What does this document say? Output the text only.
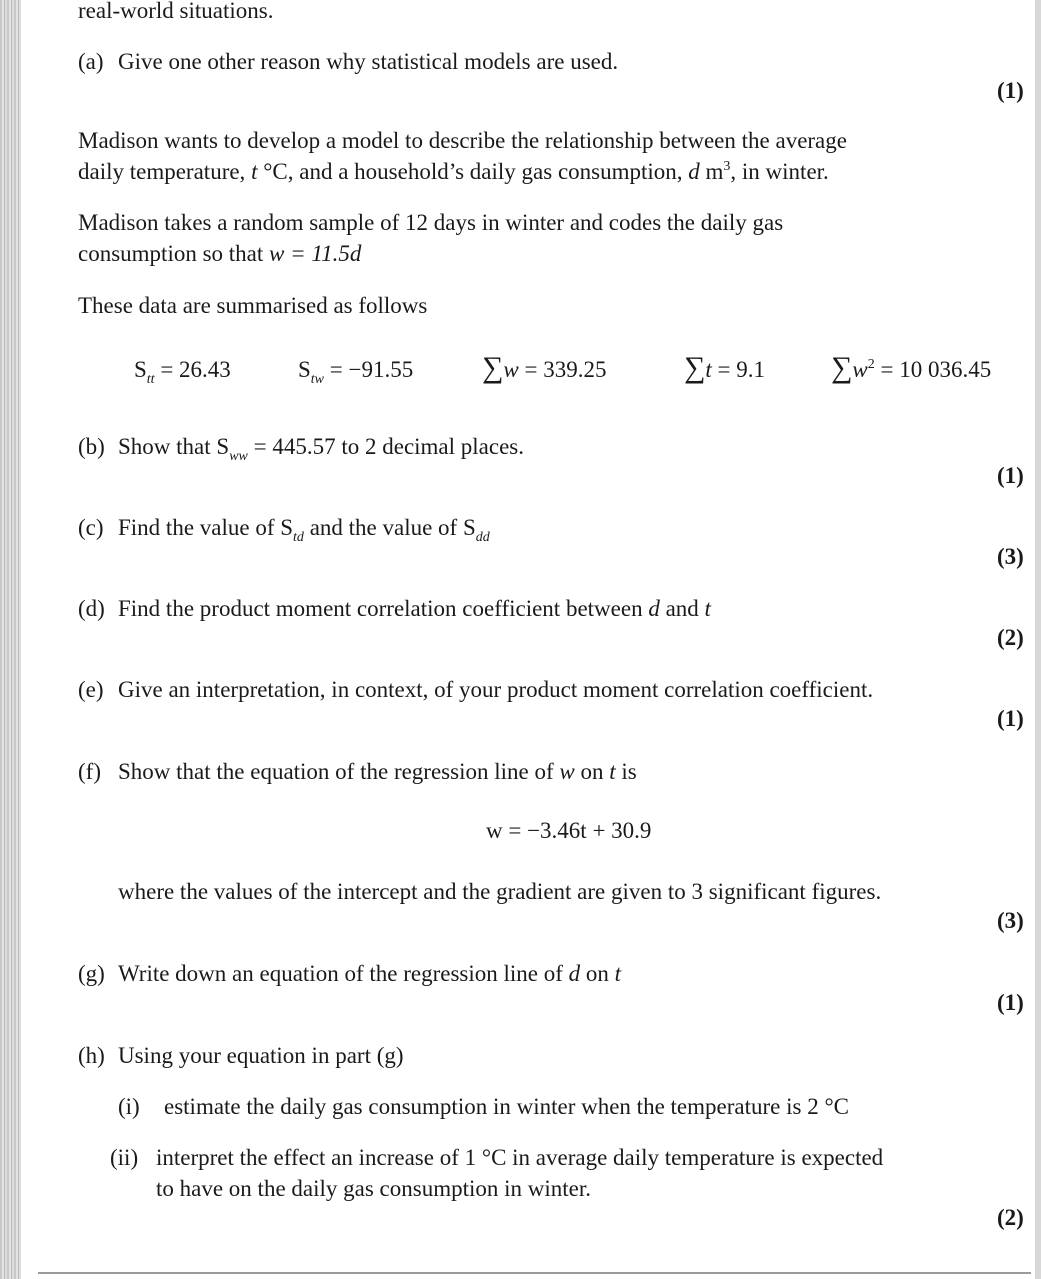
real-world situations.
(a) Give one other reason why statistical models are used.
(1)
Madison wants to develop a model to describe the relationship between the average
daily temperature, t °C, and a household’s daily gas consumption, d $m^3$, in winter.
Madison takes a random sample of 12 days in winter and codes the daily gas
consumption so that w = 11.5d
These data are summarised as follows
$S_{tt} = 26.43$	$S_{tw} = -91.55$ ∑w = 339.25	∑t = 9.1 $\sum w^2 = 10$ 036.45
(b) Show that $S_{ww} = 445.57$ to 2 decimal places.
(1)
(c) Find the value of $S_{td}$ and the value of $S_{dd}$
(3)
(d) Find the product moment correlation coefficient between d and t
(2)
(e) Give an interpretation, in context, of your product moment correlation coefficient.
(1)
(f) Show that the equation of the regression line of w on t is
w = −3.46t + 30.9
where the values of the intercept and the gradient are given to 3 significant figures.
(3)
(g) Write down an equation of the regression line of d on t
(1)
(h) Using your equation in part (g)
(i) estimate the daily gas consumption in winter when the temperature is 2 °C
(ii) interpret the effect an increase of 1 °C in average daily temperature is expected
to have on the daily gas consumption in winter.
(2)
